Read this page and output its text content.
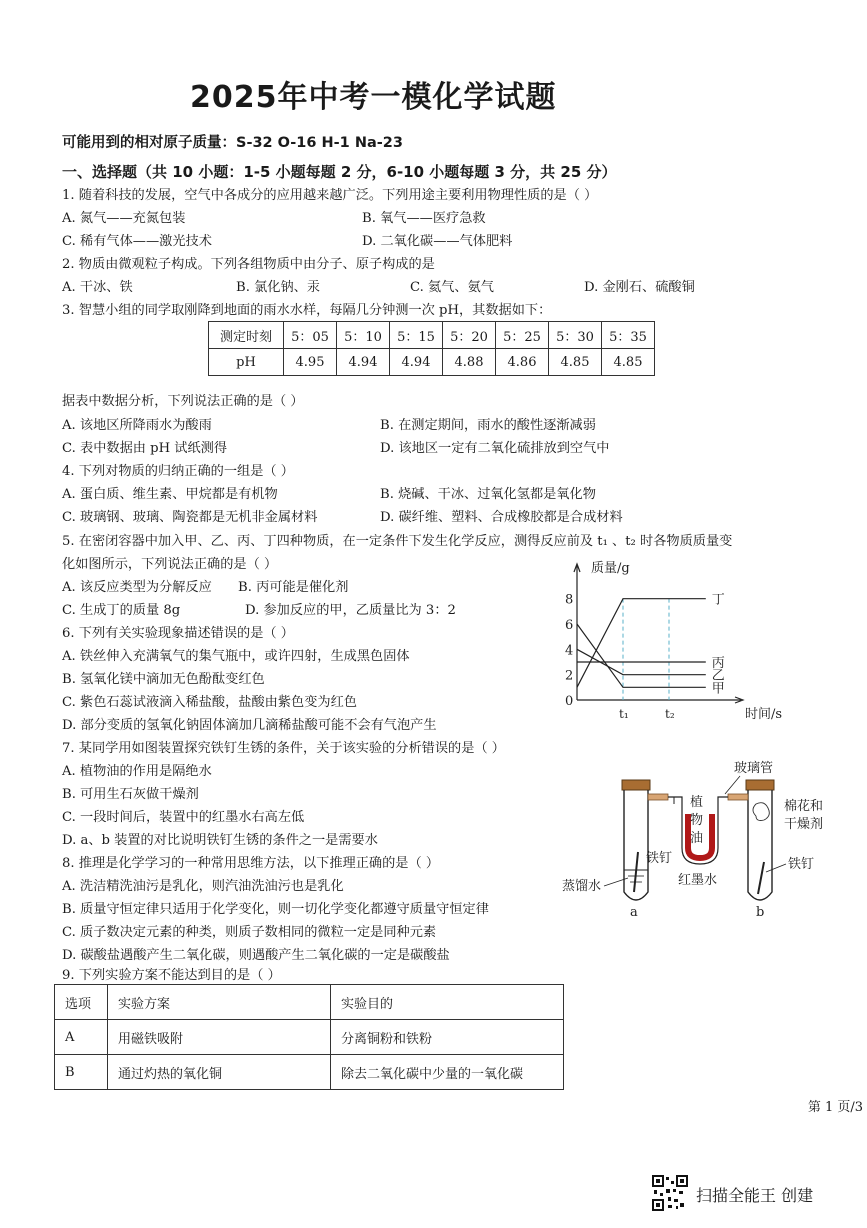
2025年中考一模化学试题
可能用到的相对原子质量：S-32 O-16 H-1 Na-23
一、选择题（共 10 小题：1-5 小题每题 2 分，6-10 小题每题 3 分，共 25 分）
1. 随着科技的发展，空气中各成分的应用越来越广泛。下列用途主要利用物理性质的是（ ）
A. 氮气——充氮包装	B. 氧气——医疗急救
C. 稀有气体——激光技术	D. 二氧化碳——气体肥料
2. 物质由微观粒子构成。下列各组物质中由分子、原子构成的是
A. 干冰、铁	B. 氯化钠、汞	C. 氦气、氨气	D. 金刚石、硫酸铜
3. 智慧小组的同学取刚降到地面的雨水水样，每隔几分钟测一次 pH，其数据如下：
测定时刻	5：05	5：10	5：15	5：20	5：25	5：30	5：35
pH	4.95	4.94	4.94	4.88	4.86	4.85	4.85
据表中数据分析，下列说法正确的是（ ）
A. 该地区所降雨水为酸雨	B. 在测定期间，雨水的酸性逐渐减弱
C. 表中数据由 pH 试纸测得	D. 该地区一定有二氧化硫排放到空气中
4. 下列对物质的归纳正确的一组是（ ）
A. 蛋白质、维生素、甲烷都是有机物	B. 烧碱、干冰、过氧化氢都是氧化物
C. 玻璃钢、玻璃、陶瓷都是无机非金属材料	D. 碳纤维、塑料、合成橡胶都是合成材料
5. 在密闭容器中加入甲、乙、丙、丁四种物质，在一定条件下发生化学反应，测得反应前及 t₁ 、t₂ 时各物质质量变
化如图所示，下列说法正确的是（ ）
A. 该反应类型为分解反应 B. 丙可能是催化剂
C. 生成丁的质量 8g	D. 参加反应的甲，乙质量比为 3：2
6. 下列有关实验现象描述错误的是（ ）
A. 铁丝伸入充满氧气的集气瓶中，或许四射，生成黑色固体
B. 氢氧化镁中滴加无色酚酞变红色
C. 紫色石蕊试液滴入稀盐酸，盐酸由紫色变为红色
D. 部分变质的氢氧化钠固体滴加几滴稀盐酸可能不会有气泡产生
7. 某同学用如图装置探究铁钉生锈的条件，关于该实验的分析错误的是（ ）
A. 植物油的作用是隔绝水
B. 可用生石灰做干燥剂
C. 一段时间后，装置中的红墨水右高左低
D. a、b 装置的对比说明铁钉生锈的条件之一是需要水
8. 推理是化学学习的一种常用思维方法，以下推理正确的是（ ）
A. 洗洁精洗油污是乳化，则汽油洗油污也是乳化
B. 质量守恒定律只适用于化学变化，则一切化学变化都遵守质量守恒定律
C. 质子数决定元素的种类，则质子数相同的微粒一定是同种元素
D. 碳酸盐遇酸产生二氧化碳，则遇酸产生二氧化碳的一定是碳酸盐
9. 下列实验方案不能达到目的是（ ）
选项	实验方案	实验目的
A	用磁铁吸附	分离铜粉和铁粉
B	通过灼热的氧化铜	除去二氧化碳中少量的一氧化碳
8
6
4
2
0
t₁	t₂
质量/g
时间/s
丁
丙
乙
甲
玻璃管
植
物
油
棉花和
干燥剂
铁钉	铁钉
蒸馏水	红墨水
a	b
第 1 页/3
扫描全能王 创建
